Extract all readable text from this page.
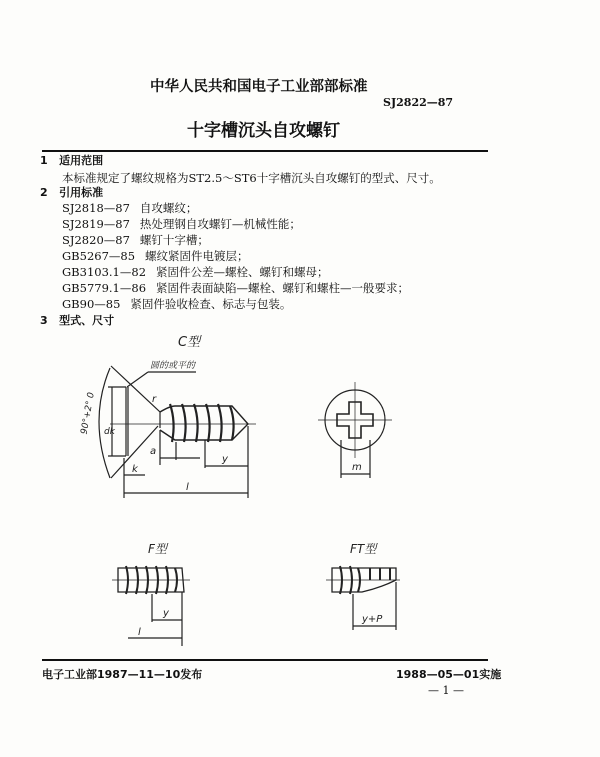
中华人民共和国电子工业部部标准
SJ2822—87
十字槽沉头自攻螺钉
1 适用范围
本标准规定了螺纹规格为ST2.5～ST6十字槽沉头自攻螺钉的型式、尺寸。
2 引用标准
SJ2818—87 自攻螺纹；
SJ2819—87 热处理钢自攻螺钉—机械性能；
SJ2820—87 螺钉十字槽；
GB5267—85 螺纹紧固件电镀层；
GB3103.1—82 紧固件公差—螺栓、螺钉和螺母；
GB5779.1—86 紧固件表面缺陷—螺栓、螺钉和螺柱—一般要求；
GB90—85 紧固件验收检查、标志与包装。
3 型式、尺寸
C型
圆的或平的
90°+2° 0 dk
r
a
k
y
l
m
F型
y
l
FT型
y+P
电子工业部1987—11—10发布	1988—05—01实施
— 1 —
